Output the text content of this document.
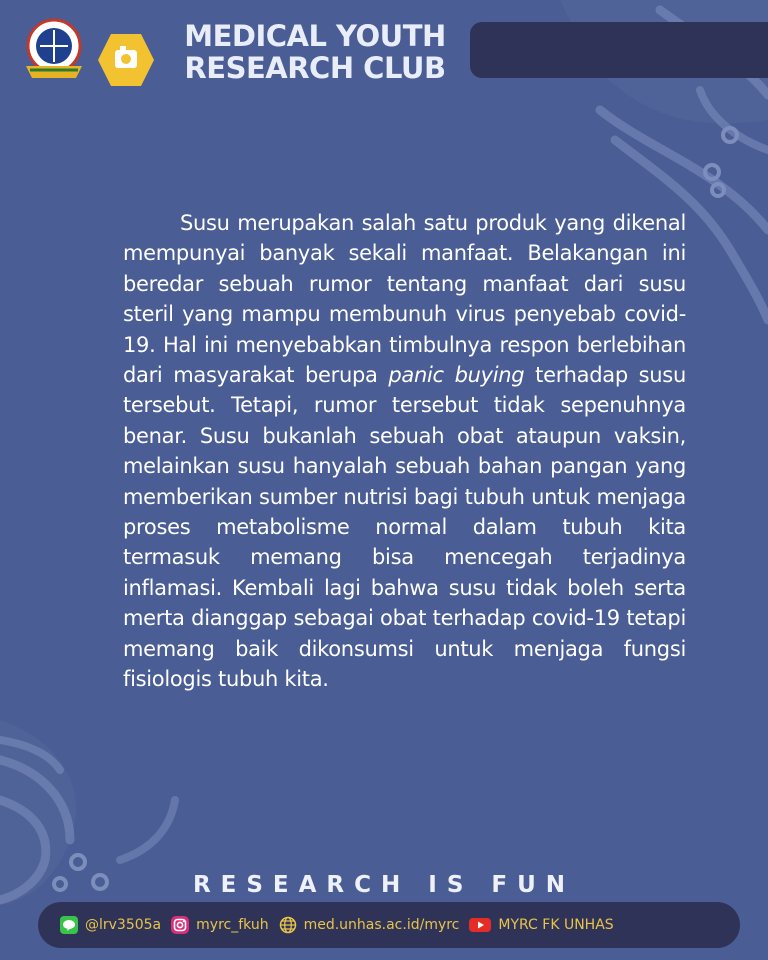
MEDICAL YOUTH
RESEARCH CLUB

Susu merupakan salah satu produk yang dikenal mempunyai banyak sekali manfaat. Belakangan ini beredar sebuah rumor tentang manfaat dari susu steril yang mampu membunuh virus penyebab covid-19. Hal ini menyebabkan timbulnya respon berlebihan dari masyarakat berupa panic buying terhadap susu tersebut. Tetapi, rumor tersebut tidak sepenuhnya benar. Susu bukanlah sebuah obat ataupun vaksin, melainkan susu hanyalah sebuah bahan pangan yang memberikan sumber nutrisi bagi tubuh untuk menjaga proses metabolisme normal dalam tubuh kita termasuk memang bisa mencegah terjadinya inflamasi. Kembali lagi bahwa susu tidak boleh serta merta dianggap sebagai obat terhadap covid-19 tetapi memang baik dikonsumsi untuk menjaga fungsi fisiologis tubuh kita.

RESEARCH IS FUN
@lrv3505a	myrc_fkuh	med.unhas.ac.id/myrc	MYRC FK UNHAS
